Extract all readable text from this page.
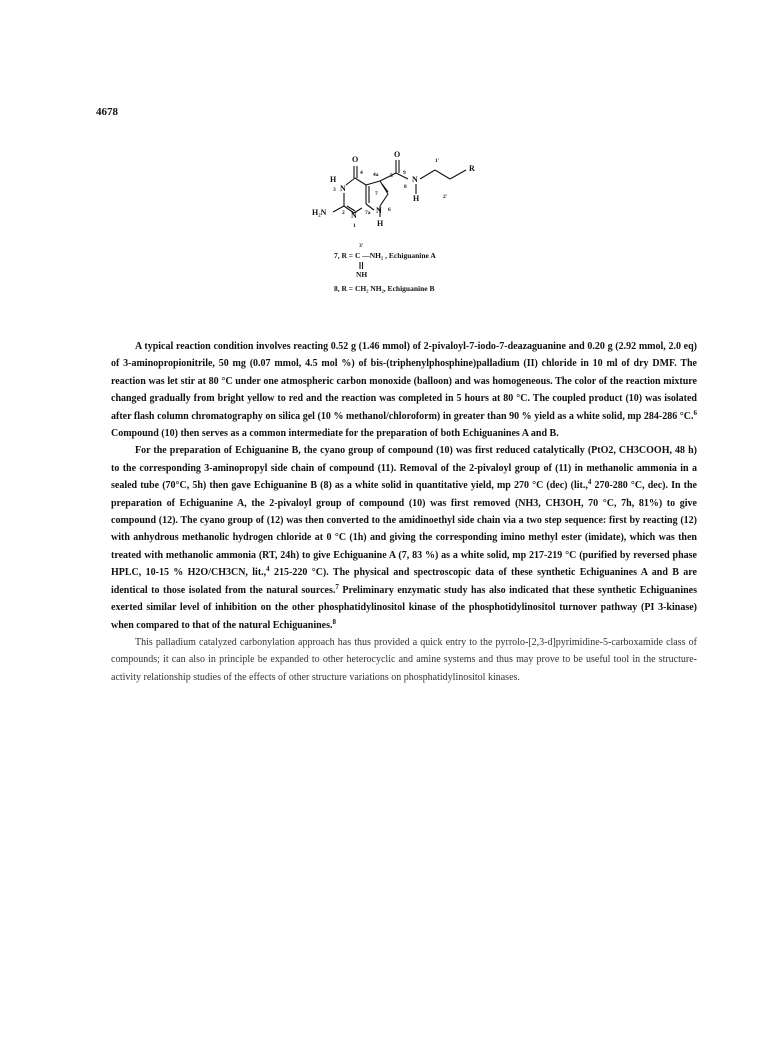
4678
O
O
H
N
H₂N	N
N
H
N
H
R
4 4a 5 9
8
1'
2'
3
2
7
7a	6
1
3'
7, R = C —NH₂ , Echiguanine A
NH
8, R = CH₂ NH₂, Echiguanine B

A typical reaction condition involves reacting 0.52 g (1.46 mmol) of 2-pivaloyl-7-iodo-7-deazaguanine and 0.20 g (2.92 mmol, 2.0 eq) of 3-aminopropionitrile, 50 mg (0.07 mmol, 4.5 mol %) of bis-(triphenylphosphine)palladium (II) chloride in 10 ml of dry DMF. The reaction was let stir at 80 °C under one atmospheric carbon monoxide (balloon) and was homogeneous. The color of the reaction mixture changed gradually from bright yellow to red and the reaction was completed in 5 hours at 80 °C. The coupled product (10) was isolated after flash column chromatography on silica gel (10 % methanol/chloroform) in greater than 90 % yield as a white solid, mp 284-286 °C.$^6$ Compound (10) then serves as a common intermediate for the preparation of both Echiguanines A and B.

For the preparation of Echiguanine B, the cyano group of compound (10) was first reduced catalytically (PtO2, CH3COOH, 48 h) to the corresponding 3-aminopropyl side chain of compound (11). Removal of the 2-pivaloyl group of (11) in methanolic ammonia in a sealed tube (70°C, 5h) then gave Echiguanine B (8) as a white solid in quantitative yield, mp 270 °C (dec) (lit.,$^4$ 270-280 °C, dec). In the preparation of Echiguanine A, the 2-pivaloyl group of compound (10) was first removed (NH3, CH3OH, 70 °C, 7h, 81%) to give compound (12). The cyano group of (12) was then converted to the amidinoethyl side chain via a two step sequence: first by reacting (12) with anhydrous methanolic hydrogen chloride at 0 °C (1h) and giving the corresponding imino methyl ester (imidate), which was then treated with methanolic ammonia (RT, 24h) to give Echiguanine A (7, 83 %) as a white solid, mp 217-219 °C (purified by reversed phase HPLC, 10-15 % H2O/CH3CN, lit.,$^4$ 215-220 °C). The physical and spectroscopic data of these synthetic Echiguanines A and B are identical to those isolated from the natural sources.$^7$ Preliminary enzymatic study has also indicated that these synthetic Echiguanines exerted similar level of inhibition on the other phosphatidylinositol kinase of the phosphotidylinositol turnover pathway (PI 3-kinase) when compared to that of the natural Echiguanines.$^8$

This palladium catalyzed carbonylation approach has thus provided a quick entry to the pyrrolo-[2,3-d]pyrimidine-5-carboxamide class of compounds; it can also in principle be expanded to other heterocyclic and amine systems and thus may prove to be useful tool in the structure-activity relationship studies of the effects of other structure variations on phosphatidylinositol kinases.
